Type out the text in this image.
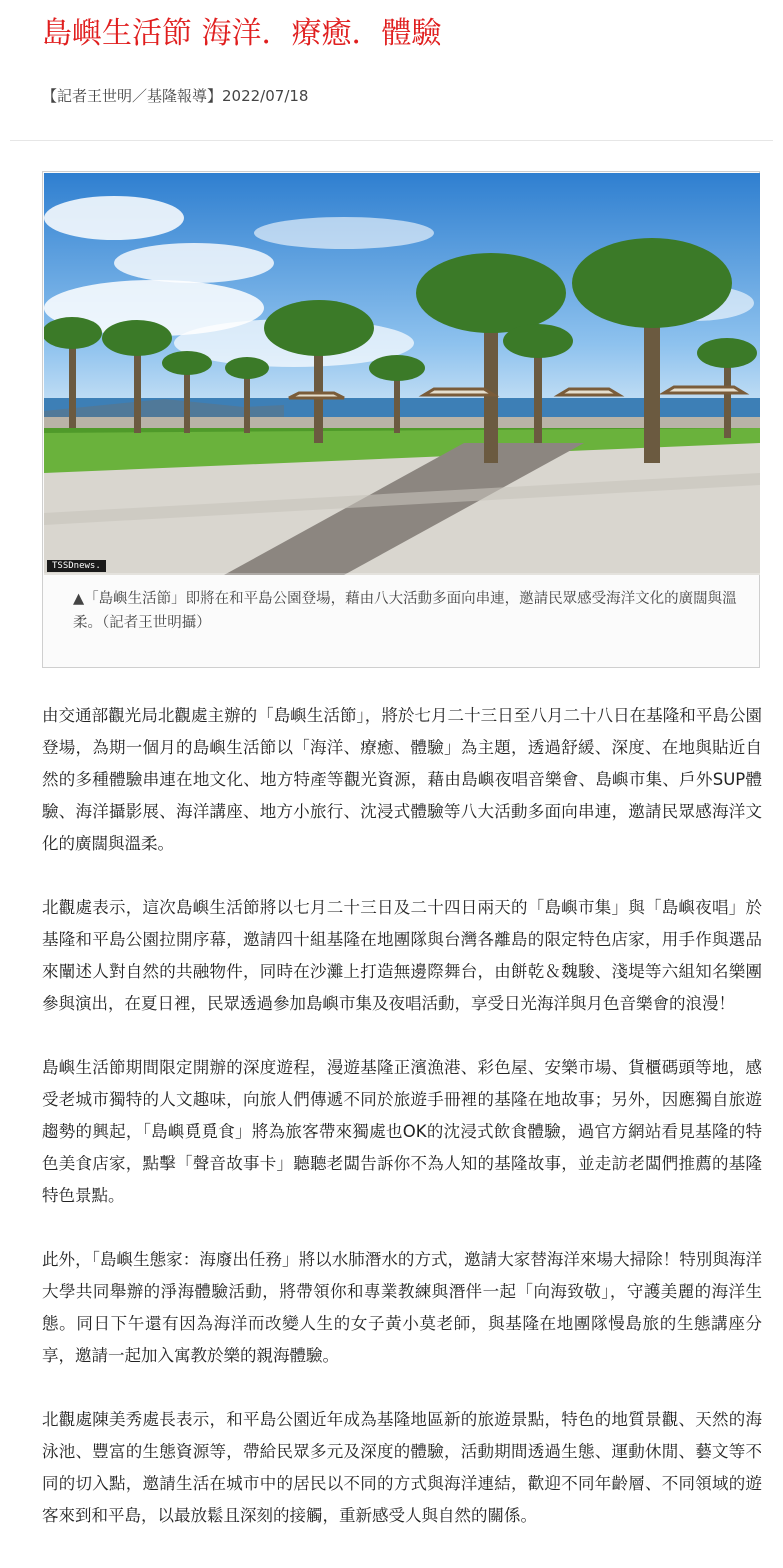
島嶼生活節 海洋．療癒．體驗
【記者王世明／基隆報導】2022/07/18
TSSDnews.
▲「島嶼生活節」即將在和平島公園登場，藉由八大活動多面向串連，邀請民眾感受海洋文化的廣闊與溫柔。（記者王世明攝）

由交通部觀光局北觀處主辦的「島嶼生活節」，將於七月二十三日至八月二十八日在基隆和平島公園登場，為期一個月的島嶼生活節以「海洋、療癒、體驗」為主題，透過舒緩、深度、在地與貼近自然的多種體驗串連在地文化、地方特產等觀光資源，藉由島嶼夜唱音樂會、島嶼市集、戶外SUP體驗、海洋攝影展、海洋講座、地方小旅行、沈浸式體驗等八大活動多面向串連，邀請民眾感海洋文化的廣闊與溫柔。

北觀處表示，這次島嶼生活節將以七月二十三日及二十四日兩天的「島嶼市集」與「島嶼夜唱」於基隆和平島公園拉開序幕，邀請四十組基隆在地團隊與台灣各離島的限定特色店家，用手作與選品來闡述人對自然的共融物件，同時在沙灘上打造無邊際舞台，由餅乾＆魏駿、淺堤等六組知名樂團參與演出，在夏日裡，民眾透過參加島嶼市集及夜唱活動，享受日光海洋與月色音樂會的浪漫！

島嶼生活節期間限定開辦的深度遊程，漫遊基隆正濱漁港、彩色屋、安樂市場、貨櫃碼頭等地，感受老城市獨特的人文趣味，向旅人們傳遞不同於旅遊手冊裡的基隆在地故事；另外，因應獨自旅遊趨勢的興起，「島嶼覓覓食」將為旅客帶來獨處也OK的沈浸式飲食體驗，過官方網站看見基隆的特色美食店家，點擊「聲音故事卡」聽聽老闆告訴你不為人知的基隆故事，並走訪老闆們推薦的基隆特色景點。

此外，「島嶼生態家：海廢出任務」將以水肺潛水的方式，邀請大家替海洋來場大掃除！特別與海洋大學共同舉辦的淨海體驗活動，將帶領你和專業教練與潛伴一起「向海致敬」，守護美麗的海洋生態。同日下午還有因為海洋而改變人生的女子黃小莫老師，與基隆在地團隊慢島旅的生態講座分享，邀請一起加入寓教於樂的親海體驗。

北觀處陳美秀處長表示，和平島公園近年成為基隆地區新的旅遊景點，特色的地質景觀、天然的海泳池、豐富的生態資源等，帶給民眾多元及深度的體驗，活動期間透過生態、運動休閒、藝文等不同的切入點，邀請生活在城市中的居民以不同的方式與海洋連結，歡迎不同年齡層、不同領域的遊客來到和平島，以最放鬆且深刻的接觸，重新感受人與自然的關係。
